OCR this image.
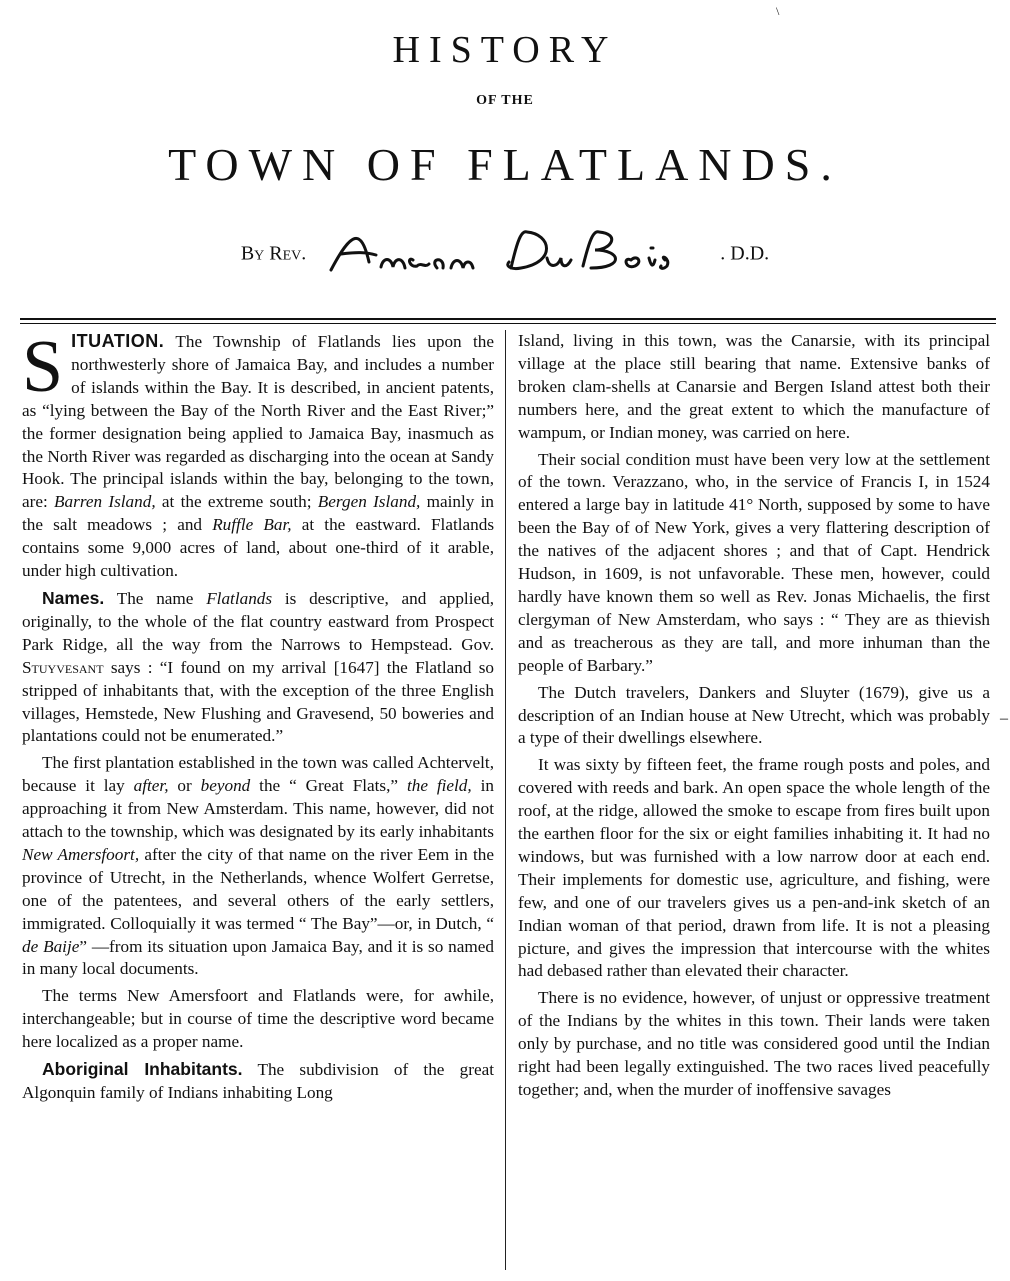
\
HISTORY
OF THE
TOWN OF FLATLANDS.
By Rev.	. D.D.

SITUATION. The Township of Flatlands lies upon the northwesterly shore of Jamaica Bay, and includes a number of islands within the Bay. It is described, in ancient patents, as “lying between the Bay of the North River and the East River;” the former designation being applied to Jamaica Bay, inasmuch as the North River was regarded as discharging into the ocean at Sandy Hook. The principal islands within the bay, belonging to the town, are: Barren Island, at the extreme south; Bergen Island, mainly in the salt meadows ; and Ruffle Bar, at the eastward. Flatlands contains some 9,000 acres of land, about one-third of it arable, under high cultivation.

Names. The name Flatlands is descriptive, and applied, originally, to the whole of the flat country eastward from Prospect Park Ridge, all the way from the Narrows to Hempstead. Gov. Stuyvesant says : “I found on my arrival [1647] the Flatland so stripped of inhabitants that, with the exception of the three English villages, Hemstede, New Flushing and Gravesend, 50 boweries and plantations could not be enumerated.”

The first plantation established in the town was called Achtervelt, because it lay after, or beyond the “ Great Flats,” the field, in approaching it from New Amsterdam. This name, however, did not attach to the township, which was designated by its early inhabitants New Amersfoort, after the city of that name on the river Eem in the province of Utrecht, in the Netherlands, whence Wolfert Gerretse, one of the patentees, and several others of the early settlers, immigrated. Colloquially it was termed “ The Bay”—or, in Dutch, “ de Baije” —from its situation upon Jamaica Bay, and it is so named in many local documents.

The terms New Amersfoort and Flatlands were, for awhile, interchangeable; but in course of time the descriptive word became here localized as a proper name.

Aboriginal Inhabitants. The subdivision of the great Algonquin family of Indians inhabiting Long

Island, living in this town, was the Canarsie, with its principal village at the place still bearing that name. Extensive banks of broken clam-shells at Canarsie and Bergen Island attest both their numbers here, and the great extent to which the manufacture of wampum, or Indian money, was carried on here.

Their social condition must have been very low at the settlement of the town. Verazzano, who, in the service of Francis I, in 1524 entered a large bay in latitude 41° North, supposed by some to have been the Bay of of New York, gives a very flattering description of the natives of the adjacent shores ; and that of Capt. Hendrick Hudson, in 1609, is not unfavorable. These men, however, could hardly have known them so well as Rev. Jonas Michaelis, the first clergyman of New Amsterdam, who says : “ They are as thievish and as treacherous as they are tall, and more inhuman than the people of Barbary.”

The Dutch travelers, Dankers and Sluyter (1679), give us a description of an Indian house at New Utrecht, which was probably a type of their dwellings elsewhere.

It was sixty by fifteen feet, the frame rough posts and poles, and covered with reeds and bark. An open space the whole length of the roof, at the ridge, allowed the smoke to escape from fires built upon the earthen floor for the six or eight families inhabiting it. It had no windows, but was furnished with a low narrow door at each end. Their implements for domestic use, agriculture, and fishing, were few, and one of our travelers gives us a pen-and-ink sketch of an Indian woman of that period, drawn from life. It is not a pleasing picture, and gives the impression that intercourse with the whites had debased rather than elevated their character.

There is no evidence, however, of unjust or oppressive treatment of the Indians by the whites in this town. Their lands were taken only by purchase, and no title was considered good until the Indian right had been legally extinguished. The two races lived peacefully together; and, when the murder of inoffensive savages

–
